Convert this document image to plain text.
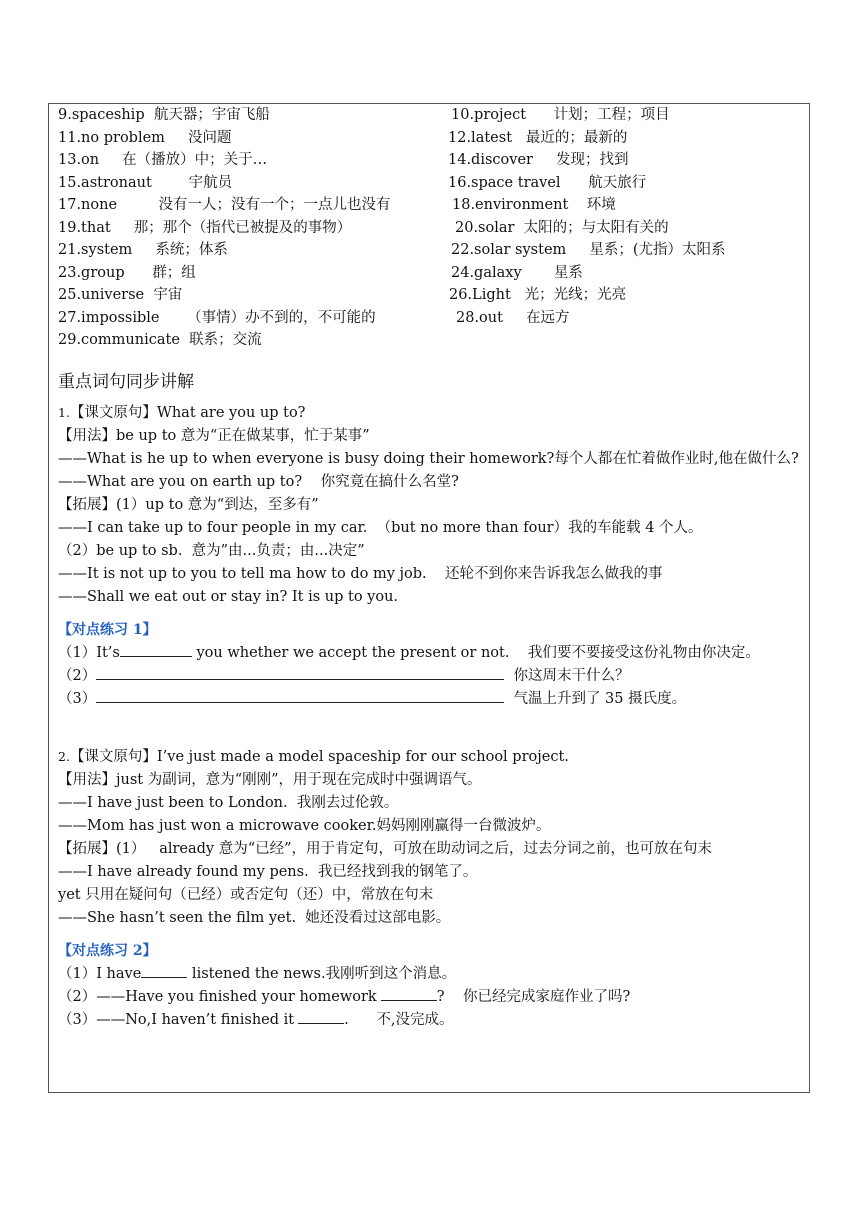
9.spaceship  航天器；宇宙飞船	10.project      计划；工程；项目
11.no problem     没问题	12.latest   最近的；最新的
13.on     在（播放）中；关于…	14.discover     发现；找到
15.astronaut        宇航员	16.space travel      航天旅行
17.none         没有一人；没有一个；一点儿也没有	18.environment    环境
19.that     那；那个（指代已被提及的事物）	20.solar  太阳的；与太阳有关的
21.system     系统；体系	22.solar system     星系；(尤指）太阳系
23.group      群；组	24.galaxy       星系
25.universe  宇宙	26.Light   光；光线；光亮
27.impossible      （事情）办不到的，不可能的	28.out     在远方
29.communicate  联系；交流
重点词句同步讲解
1.【课文原句】What are you up to?
【用法】be up to 意为“正在做某事，忙于某事”
——What is he up to when everyone is busy doing their homework?每个人都在忙着做作业时,他在做什么?
——What are you on earth up to?    你究竟在搞什么名堂?
【拓展】(1）up to 意为“到达，至多有”
——I can take up to four people in my car.  （but no more than four）我的车能载 4 个人。
（2）be up to sb.  意为”由...负责；由...决定”
——It is not up to you to tell ma how to do my job.    还轮不到你来告诉我怎么做我的事
——Shall we eat out or stay in? It is up to you.
【对点练习 1】
（1）It’s	you whether we accept the present or not.    我们要不要接受这份礼物由你决定。
（2）	你这周末干什么？
（3）	气温上升到了 35 摄氏度。
2.【课文原句】I’ve just made a model spaceship for our school project.
【用法】just 为副词，意为“刚刚”，用于现在完成时中强调语气。
——I have just been to London.  我刚去过伦敦。
——Mom has just won a microwave cooker.妈妈刚刚赢得一台微波炉。
【拓展】(1）   already 意为“已经”，用于肯定句，可放在助动词之后，过去分词之前，也可放在句末
——I have already found my pens.  我已经找到我的钢笔了。
yet 只用在疑问句（已经）或否定句（还）中，常放在句末
——She hasn’t seen the film yet.  她还没看过这部电影。
【对点练习 2】
（1）I have	listened the news.我刚听到这个消息。
（2）——Have you finished your homework	?    你已经完成家庭作业了吗?
（3）——No,I haven’t finished it	.      不,没完成。
